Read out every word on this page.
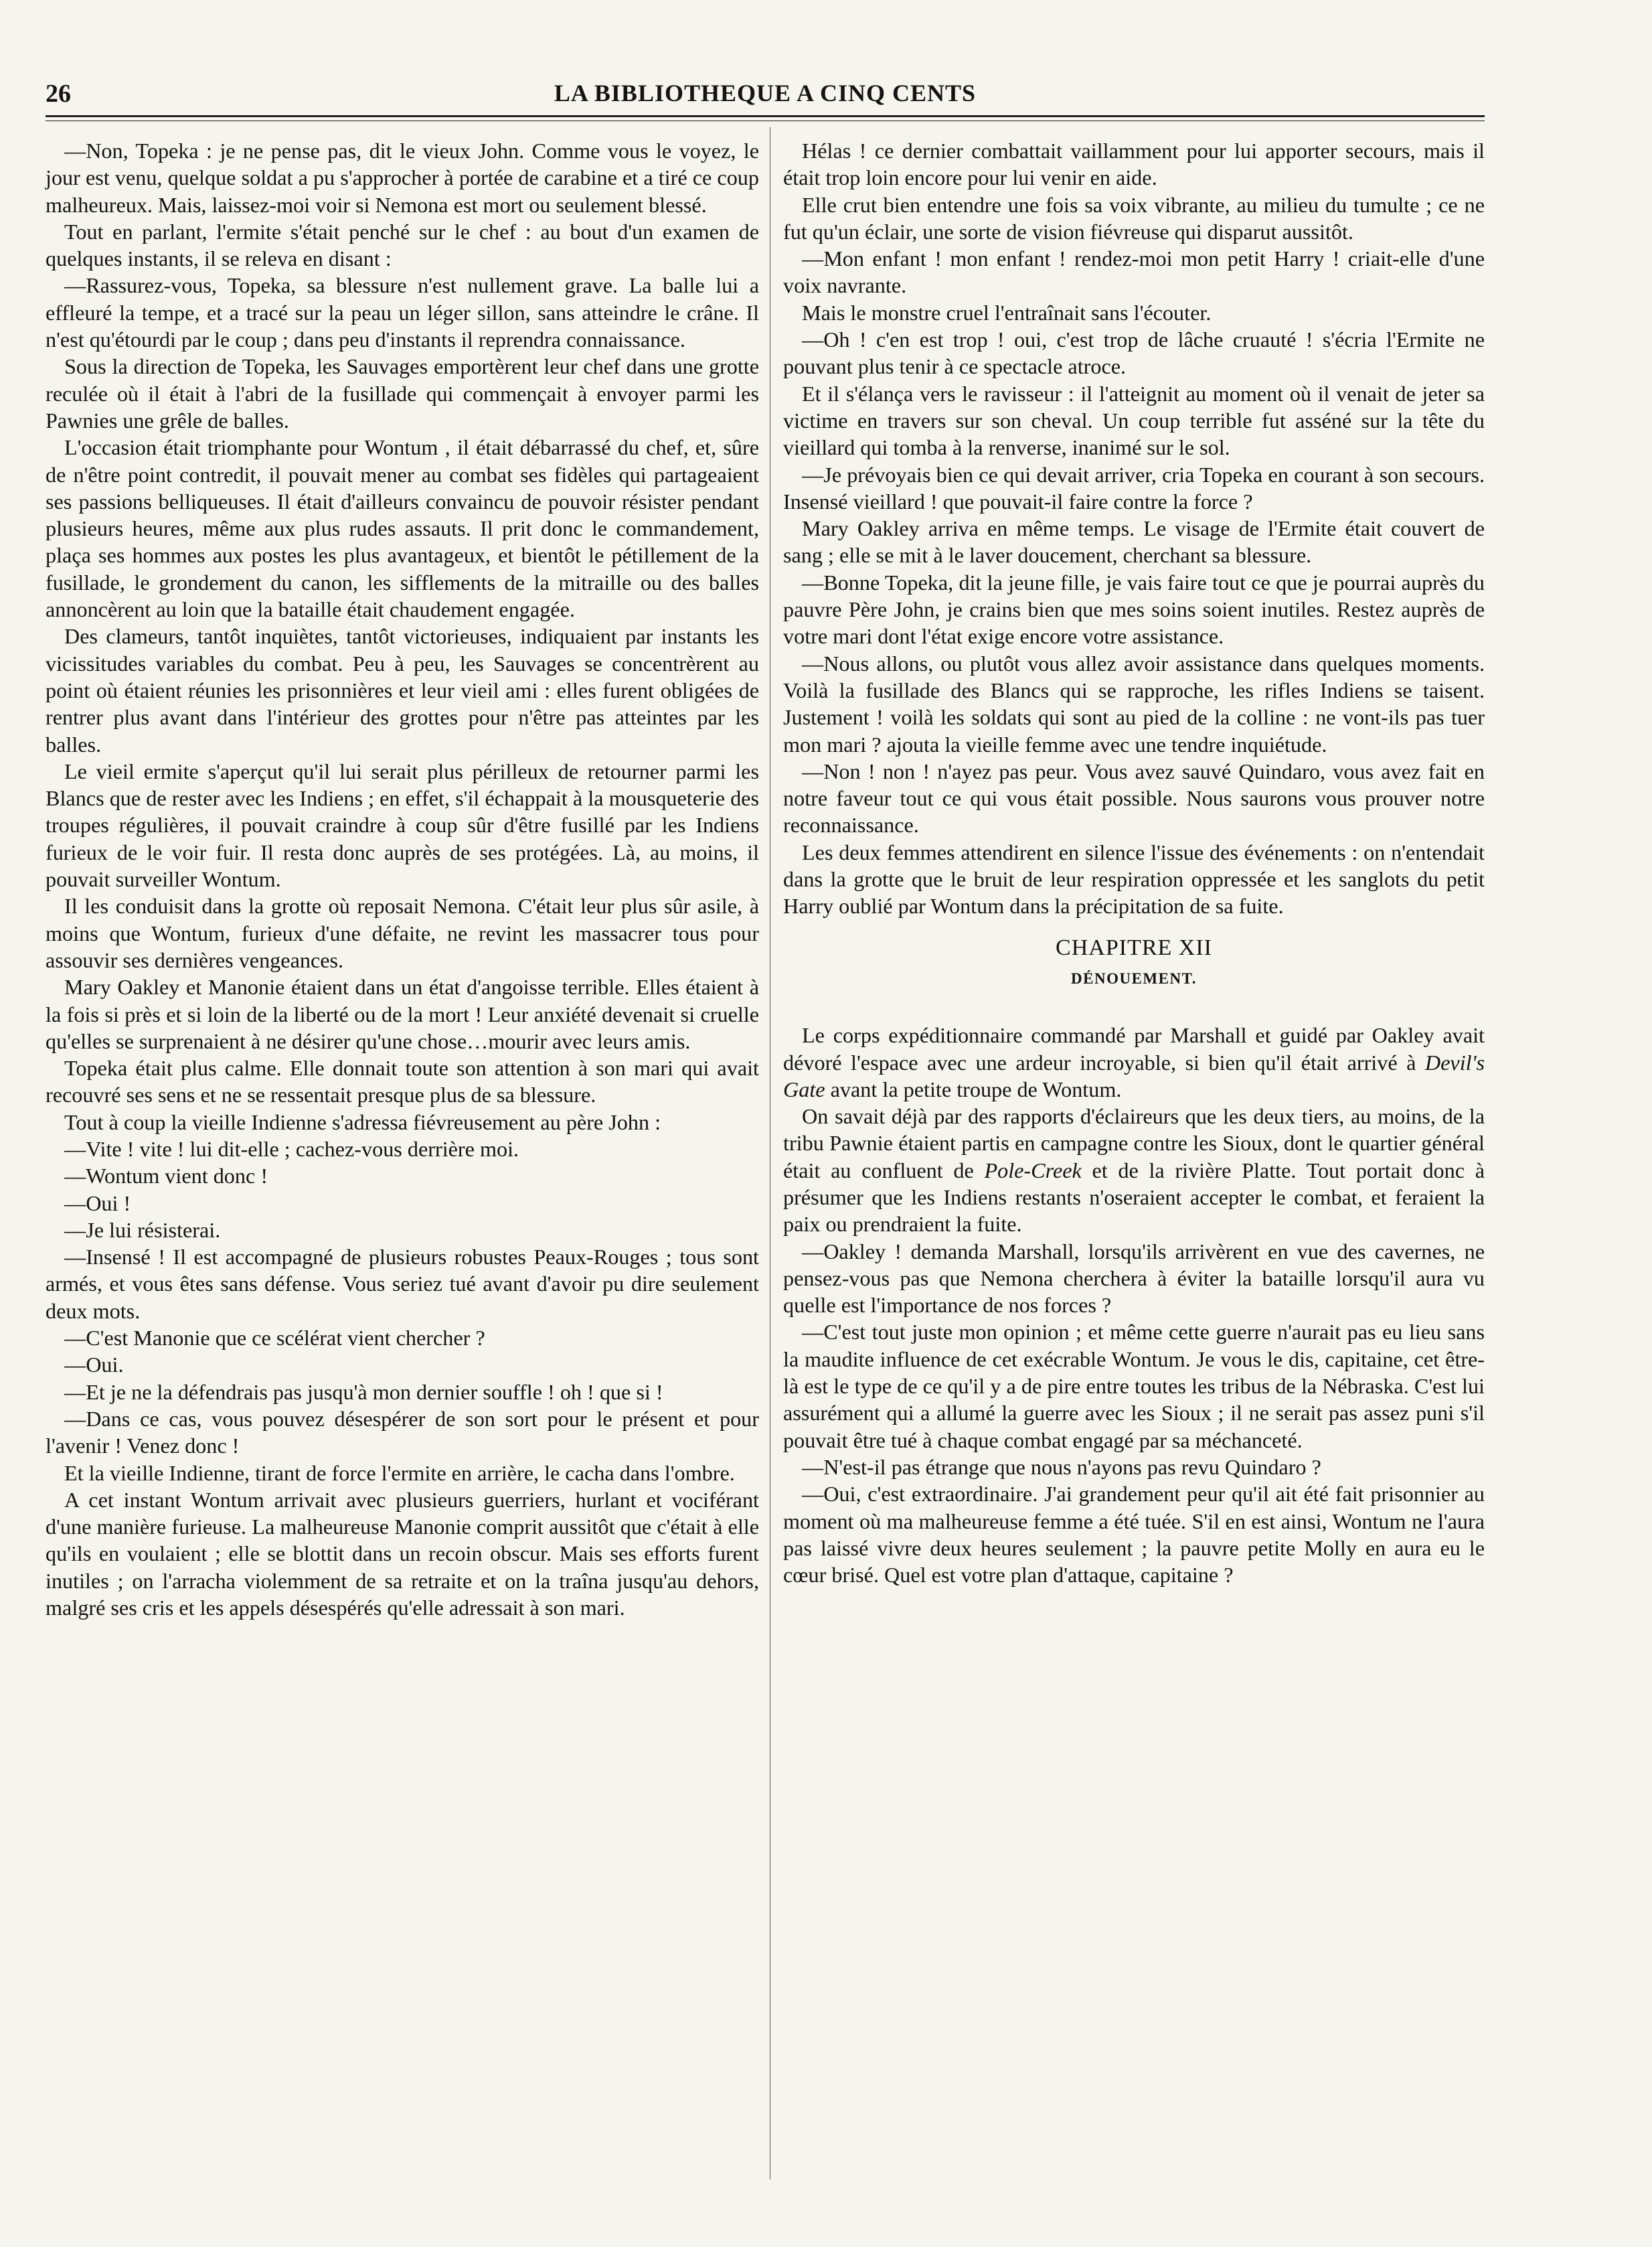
26	LA BIBLIOTHEQUE A CINQ CENTS

—Non, Topeka : je ne pense pas, dit le vieux John. Comme vous le voyez, le jour est venu, quelque soldat a pu s'approcher à portée de carabine et a tiré ce coup malheureux. Mais, laissez-moi voir si Nemona est mort ou seulement blessé.

Tout en parlant, l'ermite s'était penché sur le chef : au bout d'un examen de quelques instants, il se releva en disant :

—Rassurez-vous, Topeka, sa blessure n'est nullement grave. La balle lui a effleuré la tempe, et a tracé sur la peau un léger sillon, sans atteindre le crâne. Il n'est qu'étourdi par le coup ; dans peu d'instants il reprendra connaissance.

Sous la direction de Topeka, les Sauvages emportèrent leur chef dans une grotte reculée où il était à l'abri de la fusillade qui commençait à envoyer parmi les Pawnies une grêle de balles.

L'occasion était triomphante pour Wontum , il était débarrassé du chef, et, sûre de n'être point contredit, il pouvait mener au combat ses fidèles qui partageaient ses passions belliqueuses. Il était d'ailleurs convaincu de pouvoir résister pendant plusieurs heures, même aux plus rudes assauts. Il prit donc le commandement, plaça ses hommes aux postes les plus avantageux, et bientôt le pétillement de la fusillade, le grondement du canon, les sifflements de la mitraille ou des balles annoncèrent au loin que la bataille était chaudement engagée.

Des clameurs, tantôt inquiètes, tantôt victorieuses, indiquaient par instants les vicissitudes variables du combat. Peu à peu, les Sauvages se concentrèrent au point où étaient réunies les prisonnières et leur vieil ami : elles furent obligées de rentrer plus avant dans l'intérieur des grottes pour n'être pas atteintes par les balles.

Le vieil ermite s'aperçut qu'il lui serait plus périlleux de retourner parmi les Blancs que de rester avec les Indiens ; en effet, s'il échappait à la mousqueterie des troupes régulières, il pouvait craindre à coup sûr d'être fusillé par les Indiens furieux de le voir fuir. Il resta donc auprès de ses protégées. Là, au moins, il pouvait surveiller Wontum.

Il les conduisit dans la grotte où reposait Nemona. C'était leur plus sûr asile, à moins que Wontum, furieux d'une défaite, ne revint les massacrer tous pour assouvir ses dernières vengeances.

Mary Oakley et Manonie étaient dans un état d'angoisse terrible. Elles étaient à la fois si près et si loin de la liberté ou de la mort ! Leur anxiété devenait si cruelle qu'elles se surprenaient à ne désirer qu'une chose…mourir avec leurs amis.

Topeka était plus calme. Elle donnait toute son attention à son mari qui avait recouvré ses sens et ne se ressentait presque plus de sa blessure.

Tout à coup la vieille Indienne s'adressa fiévreusement au père John :

—Vite ! vite ! lui dit-elle ; cachez-vous derrière moi.

—Wontum vient donc !

—Oui !

—Je lui résisterai.

—Insensé ! Il est accompagné de plusieurs robustes Peaux-Rouges ; tous sont armés, et vous êtes sans défense. Vous seriez tué avant d'avoir pu dire seulement deux mots.

—C'est Manonie que ce scélérat vient chercher ?

—Oui.

—Et je ne la défendrais pas jusqu'à mon dernier souffle ! oh ! que si !

—Dans ce cas, vous pouvez désespérer de son sort pour le présent et pour l'avenir ! Venez donc !

Et la vieille Indienne, tirant de force l'ermite en arrière, le cacha dans l'ombre.

A cet instant Wontum arrivait avec plusieurs guerriers, hurlant et vociférant d'une manière furieuse. La malheureuse Manonie comprit aussitôt que c'était à elle qu'ils en voulaient ; elle se blottit dans un recoin obscur. Mais ses efforts furent inutiles ; on l'arracha violemment de sa retraite et on la traîna jusqu'au dehors, malgré ses cris et les appels désespérés qu'elle adressait à son mari.

Hélas ! ce dernier combattait vaillamment pour lui apporter secours, mais il était trop loin encore pour lui venir en aide.

Elle crut bien entendre une fois sa voix vibrante, au milieu du tumulte ; ce ne fut qu'un éclair, une sorte de vision fiévreuse qui disparut aussitôt.

—Mon enfant ! mon enfant ! rendez-moi mon petit Harry ! criait-elle d'une voix navrante.

Mais le monstre cruel l'entraînait sans l'écouter.

—Oh ! c'en est trop ! oui, c'est trop de lâche cruauté ! s'écria l'Ermite ne pouvant plus tenir à ce spectacle atroce.

Et il s'élança vers le ravisseur : il l'atteignit au moment où il venait de jeter sa victime en travers sur son cheval. Un coup terrible fut asséné sur la tête du vieillard qui tomba à la renverse, inanimé sur le sol.

—Je prévoyais bien ce qui devait arriver, cria Topeka en courant à son secours. Insensé vieillard ! que pouvait-il faire contre la force ?

Mary Oakley arriva en même temps. Le visage de l'Ermite était couvert de sang ; elle se mit à le laver doucement, cherchant sa blessure.

—Bonne Topeka, dit la jeune fille, je vais faire tout ce que je pourrai auprès du pauvre Père John, je crains bien que mes soins soient inutiles. Restez auprès de votre mari dont l'état exige encore votre assistance.

—Nous allons, ou plutôt vous allez avoir assistance dans quelques moments. Voilà la fusillade des Blancs qui se rapproche, les rifles Indiens se taisent. Justement ! voilà les soldats qui sont au pied de la colline : ne vont-ils pas tuer mon mari ? ajouta la vieille femme avec une tendre inquiétude.

—Non ! non ! n'ayez pas peur. Vous avez sauvé Quindaro, vous avez fait en notre faveur tout ce qui vous était possible. Nous saurons vous prouver notre reconnaissance.

Les deux femmes attendirent en silence l'issue des événements : on n'entendait dans la grotte que le bruit de leur respiration oppressée et les sanglots du petit Harry oublié par Wontum dans la précipitation de sa fuite.

CHAPITRE XII
DÉNOUEMENT.

Le corps expéditionnaire commandé par Marshall et guidé par Oakley avait dévoré l'espace avec une ardeur incroyable, si bien qu'il était arrivé à Devil's Gate avant la petite troupe de Wontum.

On savait déjà par des rapports d'éclaireurs que les deux tiers, au moins, de la tribu Pawnie étaient partis en campagne contre les Sioux, dont le quartier général était au confluent de Pole-Creek et de la rivière Platte. Tout portait donc à présumer que les Indiens restants n'oseraient accepter le combat, et feraient la paix ou prendraient la fuite.

—Oakley ! demanda Marshall, lorsqu'ils arrivèrent en vue des cavernes, ne pensez-vous pas que Nemona cherchera à éviter la bataille lorsqu'il aura vu quelle est l'importance de nos forces ?

—C'est tout juste mon opinion ; et même cette guerre n'aurait pas eu lieu sans la maudite influence de cet exécrable Wontum. Je vous le dis, capitaine, cet être-là est le type de ce qu'il y a de pire entre toutes les tribus de la Nébraska. C'est lui assurément qui a allumé la guerre avec les Sioux ; il ne serait pas assez puni s'il pouvait être tué à chaque combat engagé par sa méchanceté.

—N'est-il pas étrange que nous n'ayons pas revu Quindaro ?

—Oui, c'est extraordinaire. J'ai grandement peur qu'il ait été fait prisonnier au moment où ma malheureuse femme a été tuée. S'il en est ainsi, Wontum ne l'aura pas laissé vivre deux heures seulement ; la pauvre petite Molly en aura eu le cœur brisé. Quel est votre plan d'attaque, capitaine ?
